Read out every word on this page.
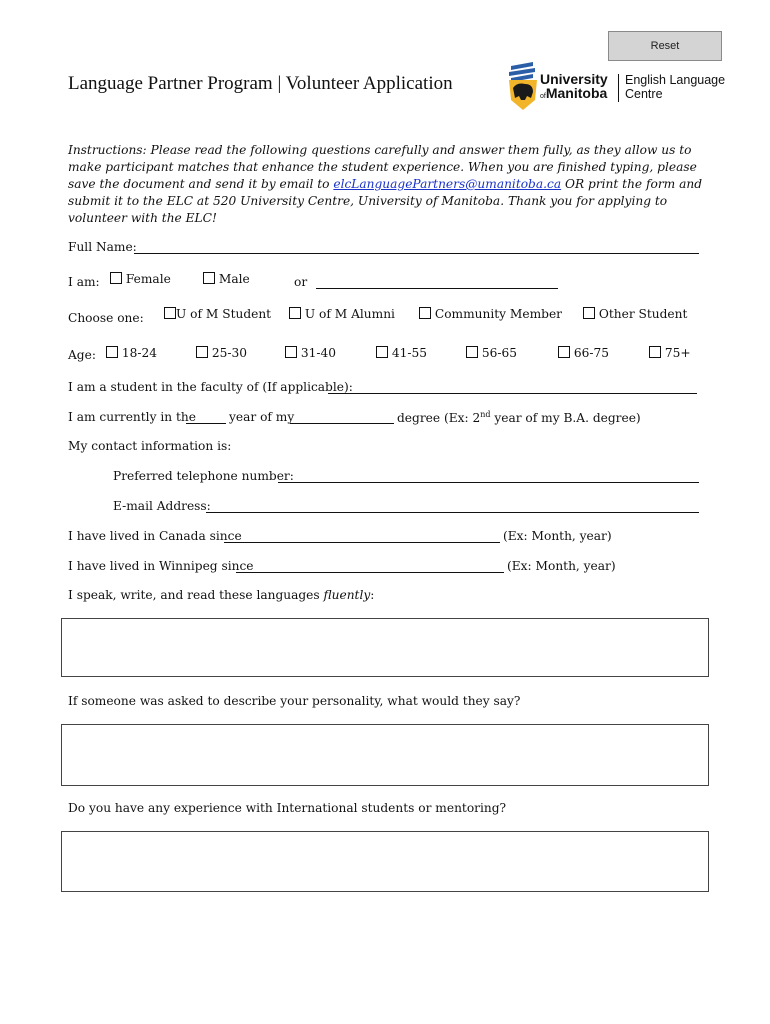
Reset
Language Partner Program | Volunteer Application	University
ofManitoba
English Language
Centre
Instructions: Please read the following questions carefully and answer them fully, as they allow us to make participant matches that enhance the student experience. When you are finished typing, please save the document and send it by email to elcLanguagePartners@umanitoba.ca OR print the form and submit it to the ELC at 520 University Centre, University of Manitoba. Thank you for applying to volunteer with the ELC!
Full Name:
I am:	Female	Male	or
Choose one:	U of M Student	U of M Alumni	Community Member	Other Student
Age:	18-24	25-30	31-40	41-55	56-65	66-75	75+
I am a student in the faculty of (If applicable):
I am currently in the	year of my	degree (Ex: 2nd year of my B.A. degree)
My contact information is:
Preferred telephone number:
E-mail Address:
I have lived in Canada since	(Ex: Month, year)
I have lived in Winnipeg since	(Ex: Month, year)
I speak, write, and read these languages fluently:
If someone was asked to describe your personality, what would they say?
Do you have any experience with International students or mentoring?
